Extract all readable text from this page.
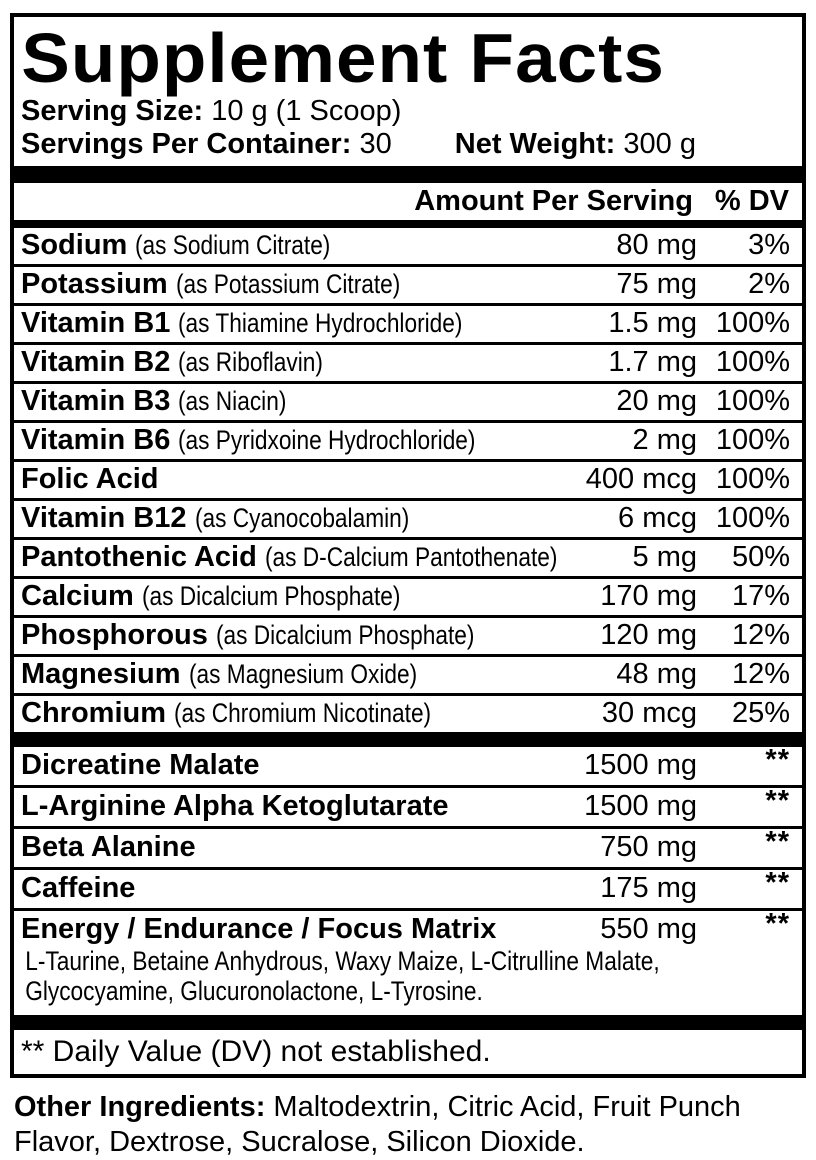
Supplement Facts
Serving Size: 10 g (1 Scoop)
Servings Per Container: 30 Net Weight: 300 g
Amount Per Serving % DV
Sodium (as Sodium Citrate)	80 mg 3%
Potassium (as Potassium Citrate)	75 mg 2%
Vitamin B1 (as Thiamine Hydrochloride)	1.5 mg 100%
Vitamin B2 (as Riboflavin)	1.7 mg 100%
Vitamin B3 (as Niacin)	20 mg 100%
Vitamin B6 (as Pyridxoine Hydrochloride)	2 mg 100%
Folic Acid	400 mcg 100%
Vitamin B12 (as Cyanocobalamin)	6 mcg 100%
Pantothenic Acid (as D-Calcium Pantothenate)	5 mg 50%
Calcium (as Dicalcium Phosphate)	170 mg 17%
Phosphorous (as Dicalcium Phosphate)	120 mg 12%
Magnesium (as Magnesium Oxide)	48 mg 12%
Chromium (as Chromium Nicotinate)	30 mcg 25%
Dicreatine Malate	1500 mg **
L-Arginine Alpha Ketoglutarate	1500 mg **
Beta Alanine	750 mg **
Caffeine	175 mg **
Energy / Endurance / Focus Matrix	550 mg **
L-Taurine, Betaine Anhydrous, Waxy Maize, L-Citrulline Malate,
Glycocyamine, Glucuronolactone, L-Tyrosine.
** Daily Value (DV) not established.

Other Ingredients: Maltodextrin, Citric Acid, Fruit Punch Flavor, Dextrose, Sucralose, Silicon Dioxide.
